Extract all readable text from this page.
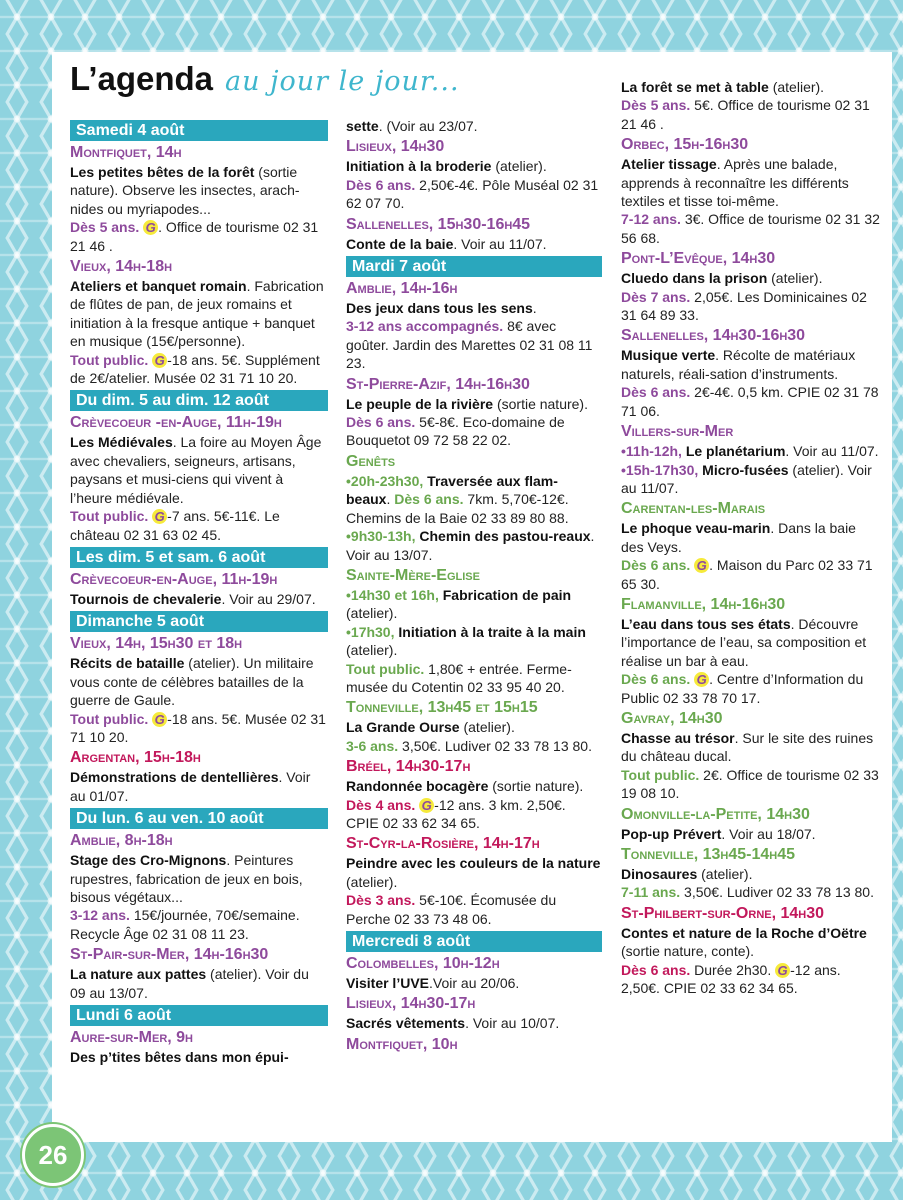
L’agenda au jour le jour...
Samedi 4 août
Montfiquet, 14h

Les petites bêtes de la forêt (sortie nature). Observe les insectes, arach-nides ou myriapodes...

Dès 5 ans. G . Office de tourisme 02 31 21 46 .

Vieux, 14h-18h

Ateliers et banquet romain. Fabrication de flûtes de pan, de jeux romains et initiation à la fresque antique + banquet en musique (15€/personne).

Tout public. G -18 ans. 5€. Supplément de 2€/atelier. Musée 02 31 71 10 20.

Du dim. 5 au dim. 12 août
Crèvecoeur -en-Auge, 11h-19h

Les Médiévales. La foire au Moyen Âge avec chevaliers, seigneurs, artisans, paysans et musi-ciens qui vivent à l’heure médiévale.

Tout public. G -7 ans. 5€-11€. Le château 02 31 63 02 45.

Les dim. 5 et sam. 6 août
Crèvecoeur-en-Auge, 11h-19h

Tournois de chevalerie. Voir au 29/07.

Dimanche 5 août
Vieux, 14h, 15h30 et 18h

Récits de bataille (atelier). Un militaire vous conte de célèbres batailles de la guerre de Gaule.

Tout public. G -18 ans. 5€. Musée 02 31 71 10 20.

Argentan, 15h-18h

Démonstrations de dentellières. Voir au 01/07.

Du lun. 6 au ven. 10 août
Amblie, 8h-18h

Stage des Cro-Mignons. Peintures rupestres, fabrication de jeux en bois, bisous végétaux...

3-12 ans. 15€/journée, 70€/semaine. Recycle Âge 02 31 08 11 23.

St-Pair-sur-Mer, 14h-16h30

La nature aux pattes (atelier). Voir du 09 au 13/07.

Lundi 6 août
Aure-sur-Mer, 9h

Des p’tites bêtes dans mon épui-

sette. (Voir au 23/07.

Lisieux, 14h30

Initiation à la broderie (atelier).

Dès 6 ans. 2,50€-4€. Pôle Muséal 02 31 62 07 70.

Sallenelles, 15h30-16h45

Conte de la baie. Voir au 11/07.

Mardi 7 août
Amblie, 14h-16h

Des jeux dans tous les sens.

3-12 ans accompagnés. 8€ avec goûter. Jardin des Marettes 02 31 08 11 23.

St-Pierre-Azif, 14h-16h30

Le peuple de la rivière (sortie nature).

Dès 6 ans. 5€-8€. Eco-domaine de Bouquetot 09 72 58 22 02.

Genêts

•20h-23h30, Traversée aux flam-beaux. Dès 6 ans. 7km. 5,70€-12€. Chemins de la Baie 02 33 89 80 88.

•9h30-13h, Chemin des pastou-reaux. Voir au 13/07.

Sainte-Mère-Eglise

•14h30 et 16h, Fabrication de pain (atelier).

•17h30, Initiation à la traite à la main (atelier).

Tout public. 1,80€ + entrée. Ferme-musée du Cotentin 02 33 95 40 20.

Tonneville, 13h45 et 15h15

La Grande Ourse (atelier).

3-6 ans. 3,50€. Ludiver 02 33 78 13 80.

Bréel, 14h30-17h

Randonnée bocagère (sortie nature).

Dès 4 ans. G -12 ans. 3 km. 2,50€. CPIE 02 33 62 34 65.

St-Cyr-la-Rosière, 14h-17h

Peindre avec les couleurs de la nature (atelier).

Dès 3 ans. 5€-10€. Écomusée du Perche 02 33 73 48 06.

Mercredi 8 août
Colombelles, 10h-12h

Visiter l’UVE.Voir au 20/06.

Lisieux, 14h30-17h

Sacrés vêtements. Voir au 10/07.

Montfiquet, 10h

La forêt se met à table (atelier).

Dès 5 ans. 5€. Office de tourisme 02 31 21 46 .

Orbec, 15h-16h30

Atelier tissage. Après une balade, apprends à reconnaître les différents textiles et tisse toi-même.

7-12 ans. 3€. Office de tourisme 02 31 32 56 68.

Pont-L’Evêque, 14h30

Cluedo dans la prison (atelier).

Dès 7 ans. 2,05€. Les Dominicaines 02 31 64 89 33.

Sallenelles, 14h30-16h30

Musique verte. Récolte de matériaux naturels, réali-sation d’instruments.

Dès 6 ans. 2€-4€. 0,5 km. CPIE 02 31 78 71 06.

Villers-sur-Mer

•11h-12h, Le planétarium. Voir au 11/07.

•15h-17h30, Micro-fusées (atelier). Voir au 11/07.

Carentan-les-Marais

Le phoque veau-marin. Dans la baie des Veys.

Dès 6 ans. G . Maison du Parc 02 33 71 65 30.

Flamanville, 14h-16h30

L’eau dans tous ses états. Découvre l’importance de l’eau, sa composition et réalise un bar à eau.

Dès 6 ans. G . Centre d’Information du Public 02 33 78 70 17.

Gavray, 14h30

Chasse au trésor. Sur le site des ruines du château ducal.

Tout public. 2€. Office de tourisme 02 33 19 08 10.

Omonville-la-Petite, 14h30

Pop-up Prévert. Voir au 18/07.

Tonneville, 13h45-14h45

Dinosaures (atelier).

7-11 ans. 3,50€. Ludiver 02 33 78 13 80.

St-Philbert-sur-Orne, 14h30

Contes et nature de la Roche d’Oëtre (sortie nature, conte).

Dès 6 ans. Durée 2h30. G -12 ans. 2,50€. CPIE 02 33 62 34 65.

26
